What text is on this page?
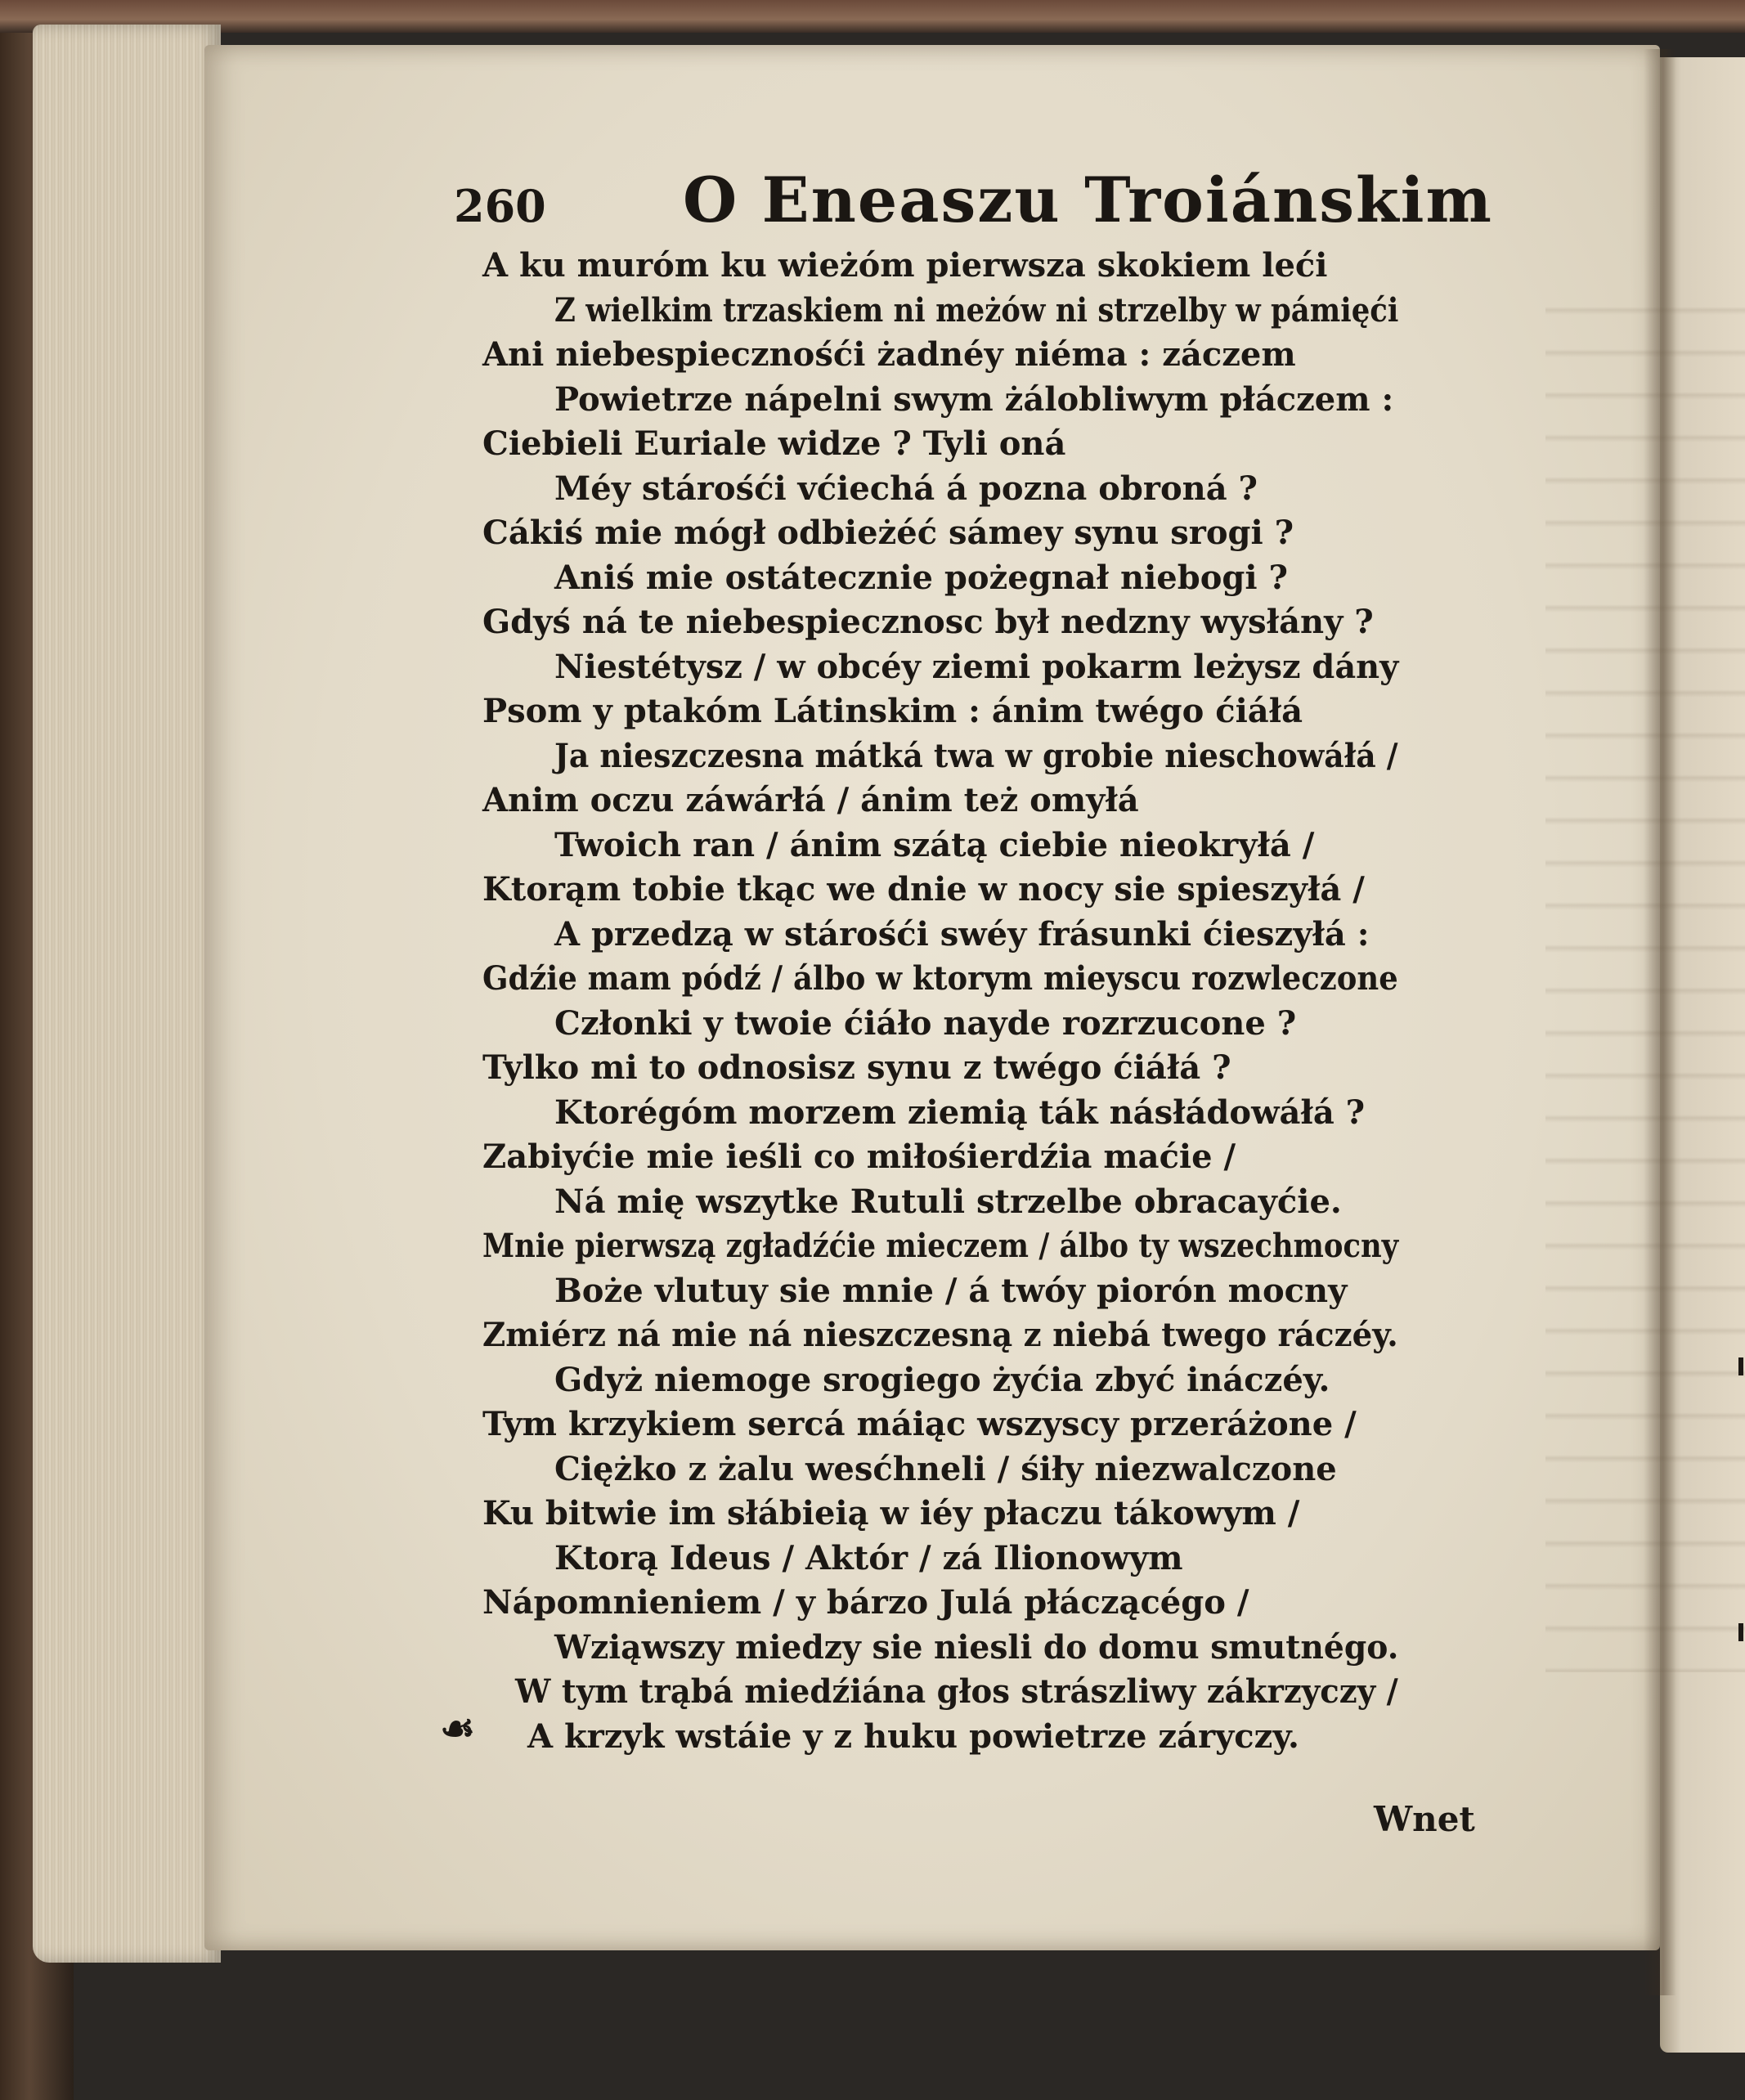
260 O Eneaszu Troiánskim
A ku muróm ku wieżóm pierwsza skokiem leći
Z wielkim trzaskiem ni meżów ni strzelby w pámięći
Ani niebespiecznośći żadnéy niéma : záczem
Powietrze nápelni swym żálobliwym płáczem :
Ciebieli Euriale widze ? Tyli oná
Méy stárośći vćiechá á pozna obroná ?
Cákiś mie mógł odbieżéć sámey synu srogi ?
Aniś mie ostátecznie pożegnał niebogi ?
Gdyś ná te niebespiecznosc był nedzny wysłány ?
Niestétysz / w obcéy ziemi pokarm leżysz dány
Psom y ptakóm Látinskim : ánim twégo ćiáłá
Ja nieszczesna mátká twa w grobie nieschowáłá /
Anim oczu záwárłá / ánim też omyłá
Twoich ran / ánim szátą ciebie nieokryłá /
Ktorąm tobie tkąc we dnie w nocy sie spieszyłá /
A przedzą w stárośći swéy frásunki ćieszyłá :
Gdźie mam pódź / álbo w ktorym mieyscu rozwleczone
Członki y twoie ćiáło nayde rozrzucone ?
Tylko mi to odnosisz synu z twégo ćiáłá ?
Ktorégóm morzem ziemią ták násłádowáłá ?
Zabiyćie mie ieśli co miłośierdźia maćie /
Ná mię wszytke Rutuli strzelbe obracayćie.
Mnie pierwszą zgładźćie mieczem / álbo ty wszechmocny
Boże vlutuy sie mnie / á twóy piorón mocny
Zmiérz ná mie ná nieszczesną z niebá twego ráczéy.
Gdyż niemoge srogiego żyćia zbyć ináczéy.
Tym krzykiem sercá máiąc wszyscy przeráżone /
Ciężko z żalu wesćhneli / śiły niezwalczone
Ku bitwie im słábieią w iéy płaczu tákowym /
Ktorą Ideus / Aktór / zá Ilionowym
Nápomnieniem / y bárzo Julá płáczącégo /
Wziąwszy miedzy sie niesli do domu smutnégo.
W tym trąbá miedźiána głos strászliwy zákrzyczy /
A krzyk wstáie y z huku powietrze záryczy.
☙
Wnet
